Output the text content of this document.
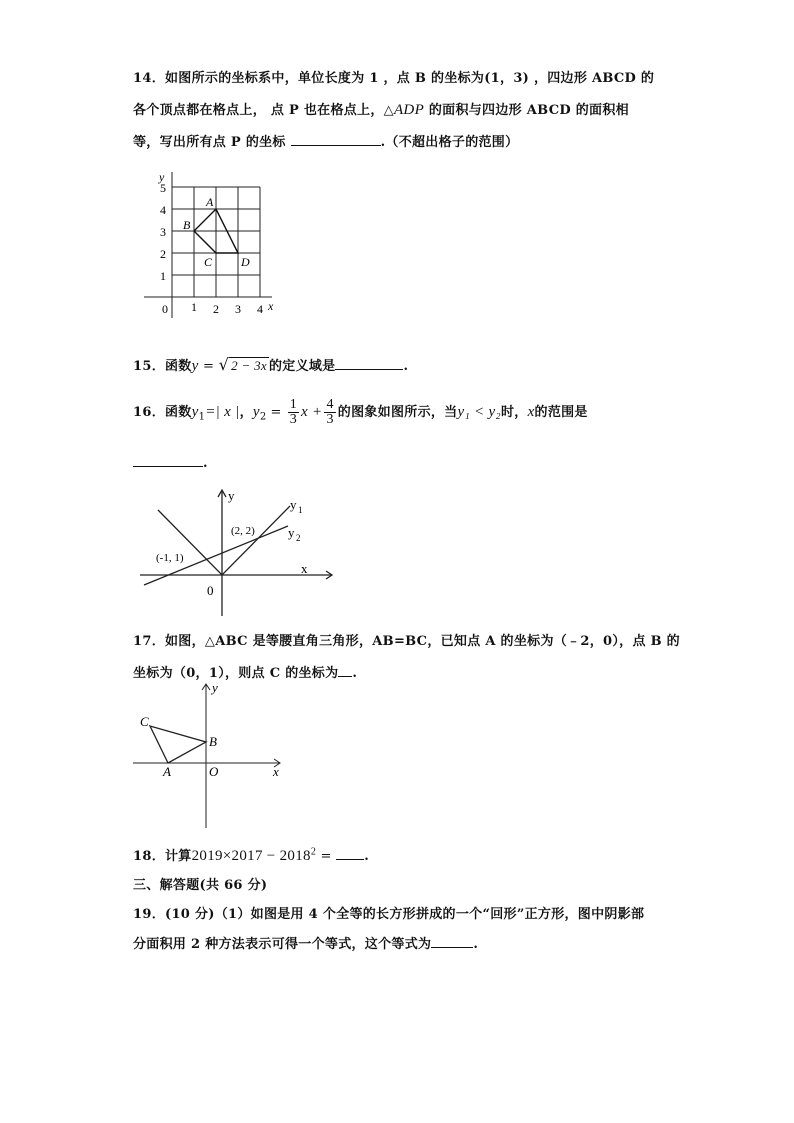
14．如图所示的坐标系中，单位长度为 1 ，点 B 的坐标为(1，3) ，四边形 ABCD 的
各个顶点都在格点上， 点 P 也在格点上，△ADP 的面积与四边形 ABCD 的面积相
等，写出所有点 P 的坐标	.（不超出格子的范围）
y
x
0 1 2 3 4
1
2
3
4
5
A
B
C D
15．函数y = √ 2 − 3x 的定义域是	.
16．函数$y_1=|$ x |，$y_2 = \frac{1}{3}$ $x + \frac{4}{3}$ 的图象如图所示，当y₁ < y₂时，x的范围是
.
y
x
0
y 1
y 2
(2, 2)
(-1, 1)
17．如图，△ABC 是等腰直角三角形，AB=BC，已知点 A 的坐标为（﹣2，0），点 B 的
坐标为（0，1），则点 C 的坐标为 .
y
x
O
A
B
C
18．计算$2019\times 2017 - 2018^2$ = .
三、解答题(共 66 分)
19．(10 分)（1）如图是用 4 个全等的长方形拼成的一个“回形”正方形，图中阴影部
分面积用 2 种方法表示可得一个等式，这个等式为	.
